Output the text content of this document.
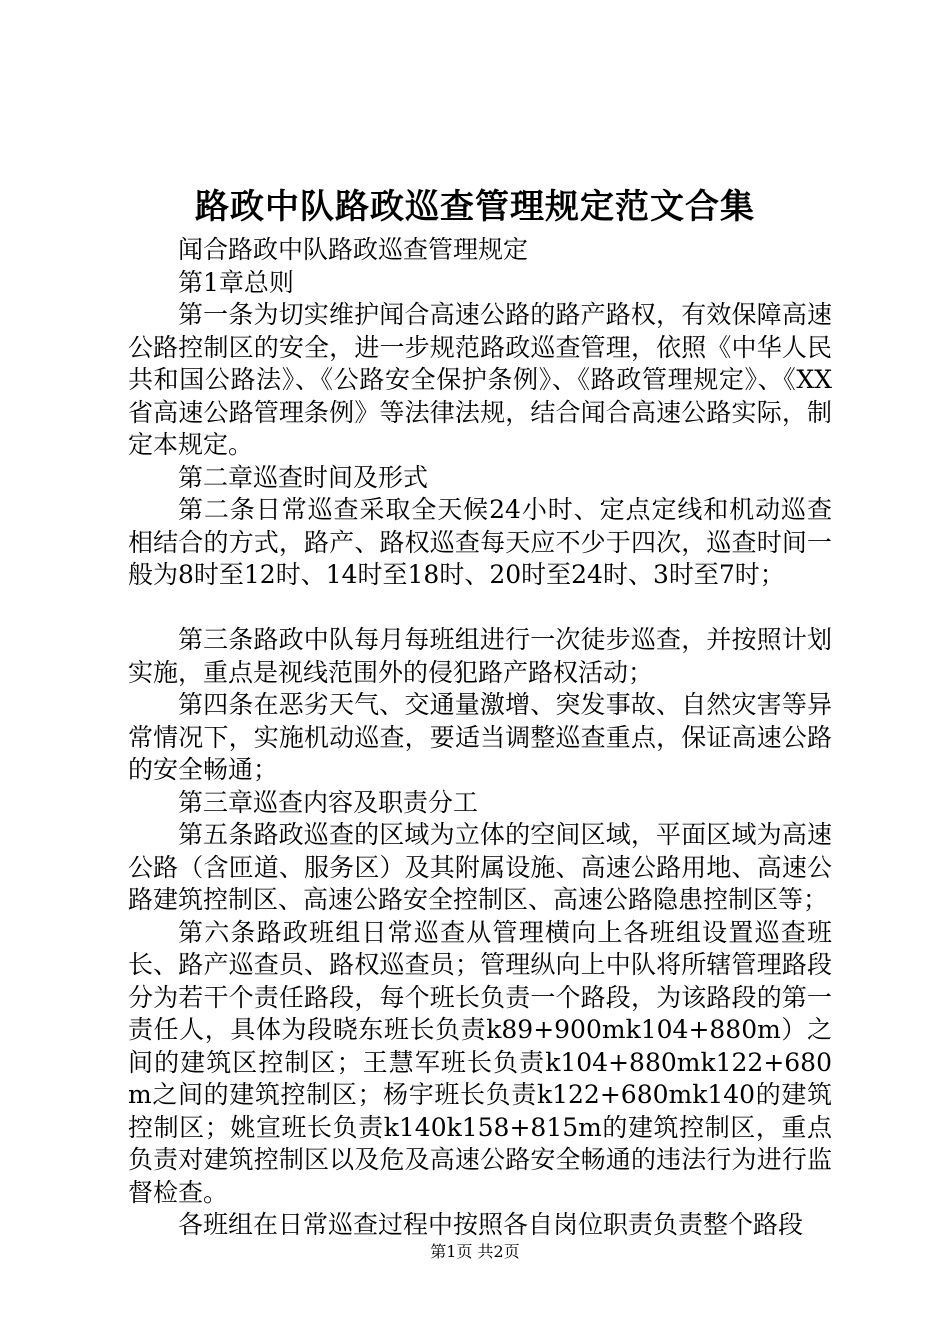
路政中队路政巡查管理规定范文合集

闻合路政中队路政巡查管理规定

第1章总则

第一条为切实维护闻合高速公路的路产路权，有效保障高速公路控制区的安全，进一步规范路政巡查管理，依照《中华人民共和国公路法》、《公路安全保护条例》、《路政管理规定》、《XX省高速公路管理条例》等法律法规，结合闻合高速公路实际，制定本规定。

第二章巡查时间及形式

第二条日常巡查采取全天候24小时、定点定线和机动巡查相结合的方式，路产、路权巡查每天应不少于四次，巡查时间一般为8时至12时、14时至18时、20时至24时、3时至7时；

第三条路政中队每月每班组进行一次徒步巡查，并按照计划实施，重点是视线范围外的侵犯路产路权活动；

第四条在恶劣天气、交通量激增、突发事故、自然灾害等异常情况下，实施机动巡查，要适当调整巡查重点，保证高速公路的安全畅通；

第三章巡查内容及职责分工

第五条路政巡查的区域为立体的空间区域，平面区域为高速公路（含匝道、服务区）及其附属设施、高速公路用地、高速公路建筑控制区、高速公路安全控制区、高速公路隐患控制区等；

第六条路政班组日常巡查从管理横向上各班组设置巡查班长、路产巡查员、路权巡查员；管理纵向上中队将所辖管理路段分为若干个责任路段，每个班长负责一个路段，为该路段的第一责任人，具体为段晓东班长负责k89+900mk104+880m）之间的建筑区控制区；王慧军班长负责k104+880mk122+680m之间的建筑控制区；杨宇班长负责k122+680mk140的建筑控制区；姚宣班长负责k140k158+815m的建筑控制区，重点负责对建筑控制区以及危及高速公路安全畅通的违法行为进行监督检查。

各班组在日常巡查过程中按照各自岗位职责负责整个路段

第1页 共2页
